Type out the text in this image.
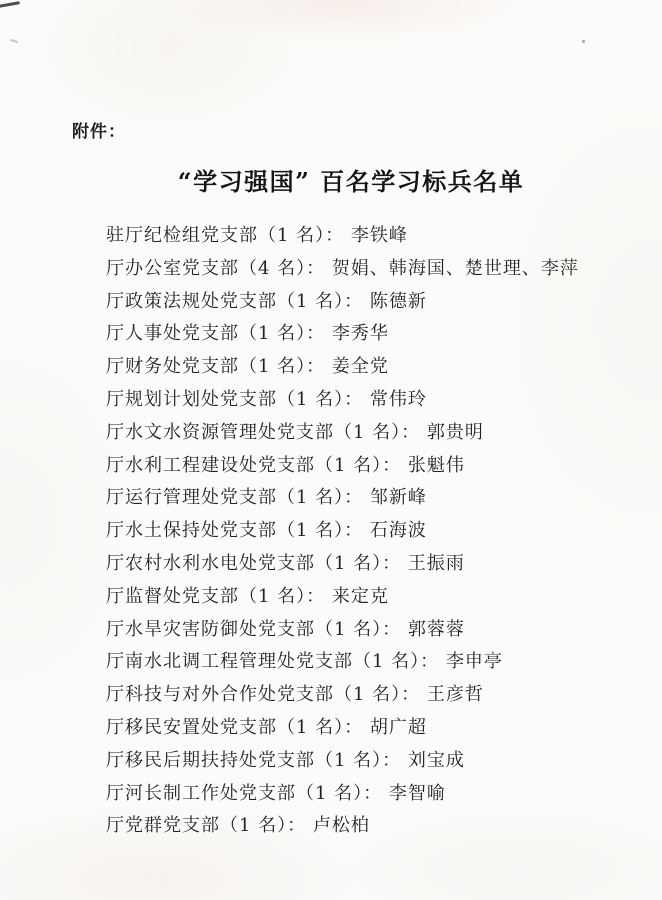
附件：
“学习强国” 百名学习标兵名单
驻厅纪检组党支部（1 名）： 李铁峰
厅办公室党支部（4 名）： 贺娟、韩海国、楚世理、李萍
厅政策法规处党支部（1 名）： 陈德新
厅人事处党支部（1 名）： 李秀华
厅财务处党支部（1 名）： 姜全党
厅规划计划处党支部（1 名）： 常伟玲
厅水文水资源管理处党支部（1 名）： 郭贵明
厅水利工程建设处党支部（1 名）： 张魁伟
厅运行管理处党支部（1 名）： 邹新峰
厅水土保持处党支部（1 名）： 石海波
厅农村水利水电处党支部（1 名）： 王振雨
厅监督处党支部（1 名）： 来定克
厅水旱灾害防御处党支部（1 名）： 郭蓉蓉
厅南水北调工程管理处党支部（1 名）： 李申亭
厅科技与对外合作处党支部（1 名）： 王彦哲
厅移民安置处党支部（1 名）： 胡广超
厅移民后期扶持处党支部（1 名）： 刘宝成
厅河长制工作处党支部（1 名）： 李智喻
厅党群党支部（1 名）： 卢松柏
